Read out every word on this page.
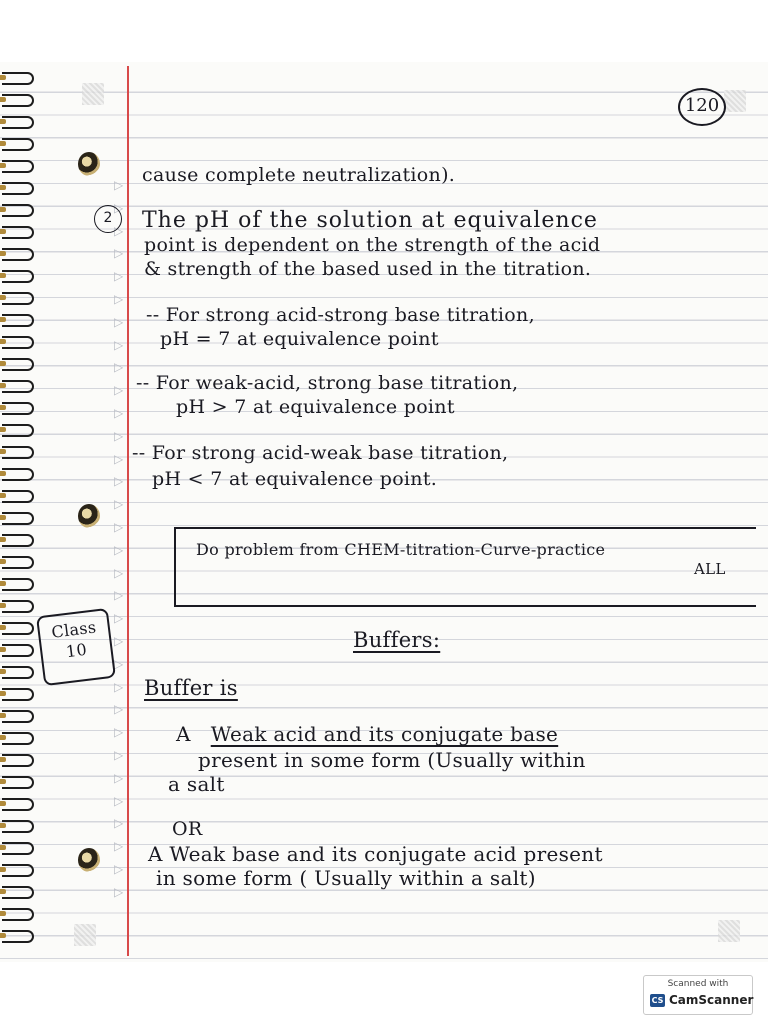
▷
▷
▷
▷
▷
▷
▷
▷
▷
▷
▷
▷
▷
▷
▷
▷
▷
▷
▷
▷
▷
▷
▷
▷
▷
▷
▷
▷
▷
▷
▷
▷
120
cause complete neutralization).
2	The pH of the solution at equivalence
point is dependent on the strength of the acid
& strength of the based used in the titration.
-- For strong acid-strong base titration,
pH = 7 at equivalence point
-- For weak-acid, strong base titration,
pH > 7 at equivalence point
-- For strong acid-weak base titration,
pH < 7 at equivalence point.
Do problem from CHEM-titration-Curve-practice
ALL
Class
10	Buffers:
Buffer is
A Weak acid and its conjugate base
present in some form (Usually within
a salt
OR
A Weak base and its conjugate acid present
in some form ( Usually within a salt)
Scanned with
CS CamScanner
